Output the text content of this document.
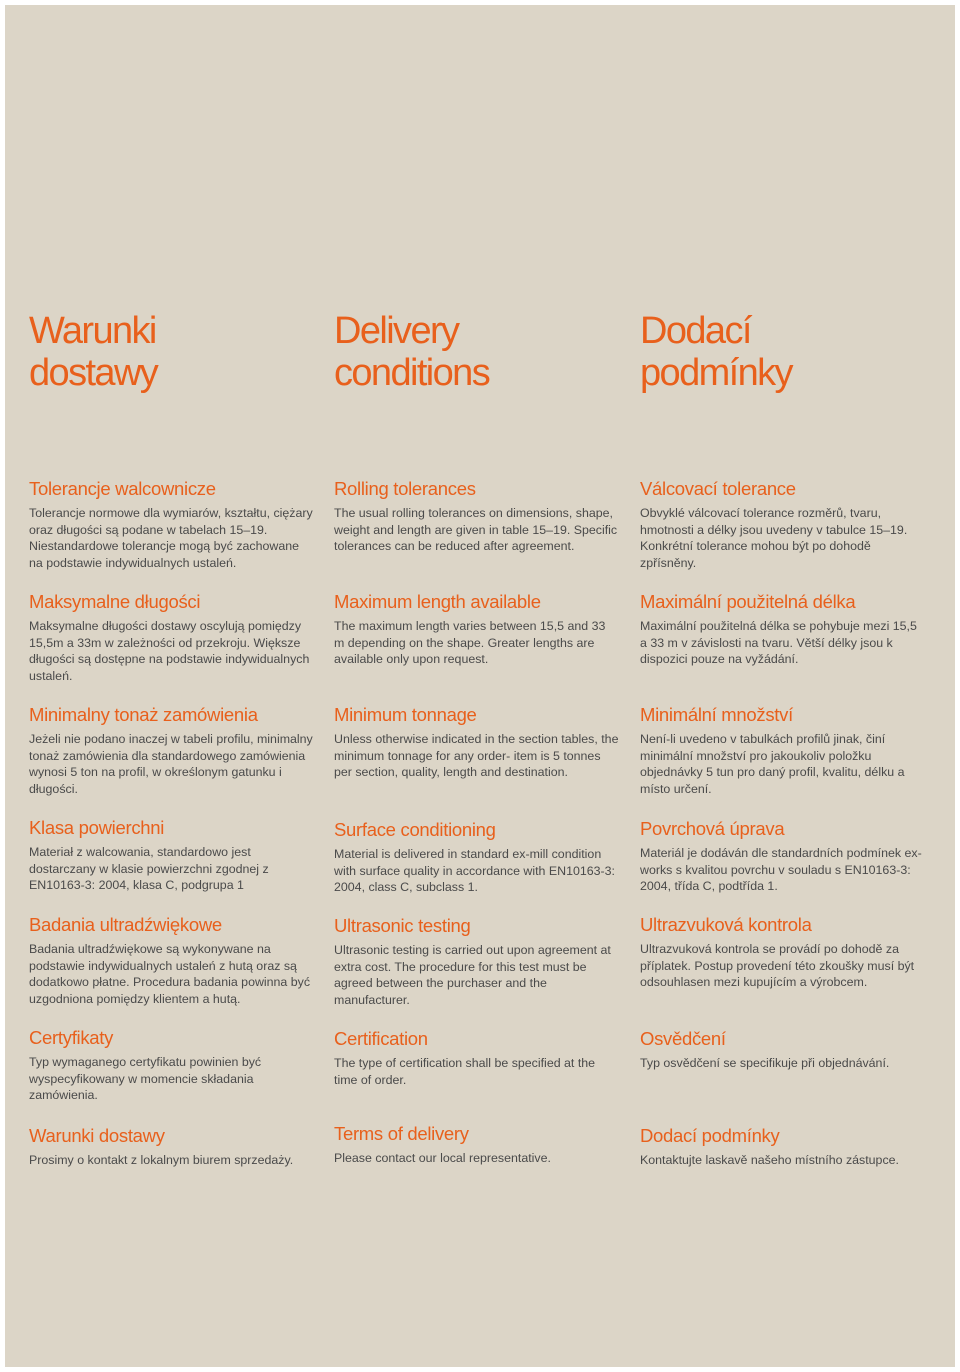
Warunki
dostawy
Tolerancje walcownicze

Tolerancje normowe dla wymiarów, kształtu, ciężary oraz długości są podane w tabelach 15–19. Niestandardowe tolerancje mogą być zachowane na podstawie indywidualnych ustaleń.

Maksymalne długości

Maksymalne długości dostawy oscylują pomiędzy 15,5m a 33m w zależności od przekroju. Większe długości są dostępne na podstawie indywidualnych ustaleń.

Minimalny tonaż zamówienia

Jeżeli nie podano inaczej w tabeli profilu, minimalny tonaż zamówienia dla standardowego zamówienia wynosi 5 ton na profil, w określonym gatunku i długości.

Klasa powierchni

Materiał z walcowania, standardowo jest dostarczany w klasie powierzchni zgodnej z EN10163-3: 2004, klasa C, podgrupa 1

Badania ultradźwiękowe

Badania ultradźwiękowe są wykonywane na podstawie indywidualnych ustaleń z hutą oraz są dodatkowo płatne. Procedura badania powinna być uzgodniona pomiędzy klientem a hutą.

Certyfikaty

Typ wymaganego certyfikatu powinien być wyspecyfikowany w momencie składania zamówienia.

Warunki dostawy

Prosimy o kontakt z lokalnym biurem sprzedaży.

Delivery
conditions
Rolling tolerances

The usual rolling tolerances on dimensions, shape, weight and length are given in table 15–19. Specific tolerances can be reduced after agreement.

Maximum length available

The maximum length varies between 15,5 and 33 m depending on the shape. Greater lengths are available only upon request.

Minimum tonnage

Unless otherwise indicated in the section tables, the minimum tonnage for any order- item is 5 tonnes per section, quality, length and destination.

Surface conditioning

Material is delivered in standard ex-mill condition with surface quality in accordance with EN10163-3: 2004, class C, subclass 1.

Ultrasonic testing

Ultrasonic testing is carried out upon agreement at extra cost. The procedure for this test must be agreed between the purchaser and the manufacturer.

Certification

The type of certification shall be specified at the time of order.

Terms of delivery

Please contact our local representative.

Dodací
podmínky
Válcovací tolerance

Obvyklé válcovací tolerance rozměrů, tvaru, hmotnosti a délky jsou uvedeny v tabulce 15–19. Konkrétní tolerance mohou být po dohodě zpřísněny.

Maximální použitelná délka

Maximální použitelná délka se pohybuje mezi 15,5 a 33 m v závislosti na tvaru. Větší délky jsou k dispozici pouze na vyžádání.

Minimální množství

Není-li uvedeno v tabulkách profilů jinak, činí minimální množství pro jakoukoliv položku objednávky 5 tun pro daný profil, kvalitu, délku a místo určení.

Povrchová úprava

Materiál je dodáván dle standardních podmínek ex-works s kvalitou povrchu v souladu s EN10163-3: 2004, třída C, podtřída 1.

Ultrazvuková kontrola

Ultrazvuková kontrola se provádí po dohodě za příplatek. Postup provedení této zkoušky musí být odsouhlasen mezi kupujícím a výrobcem.

Osvědčení

Typ osvědčení se specifikuje při objednávání.

Dodací podmínky

Kontaktujte laskavě našeho místního zástupce.
